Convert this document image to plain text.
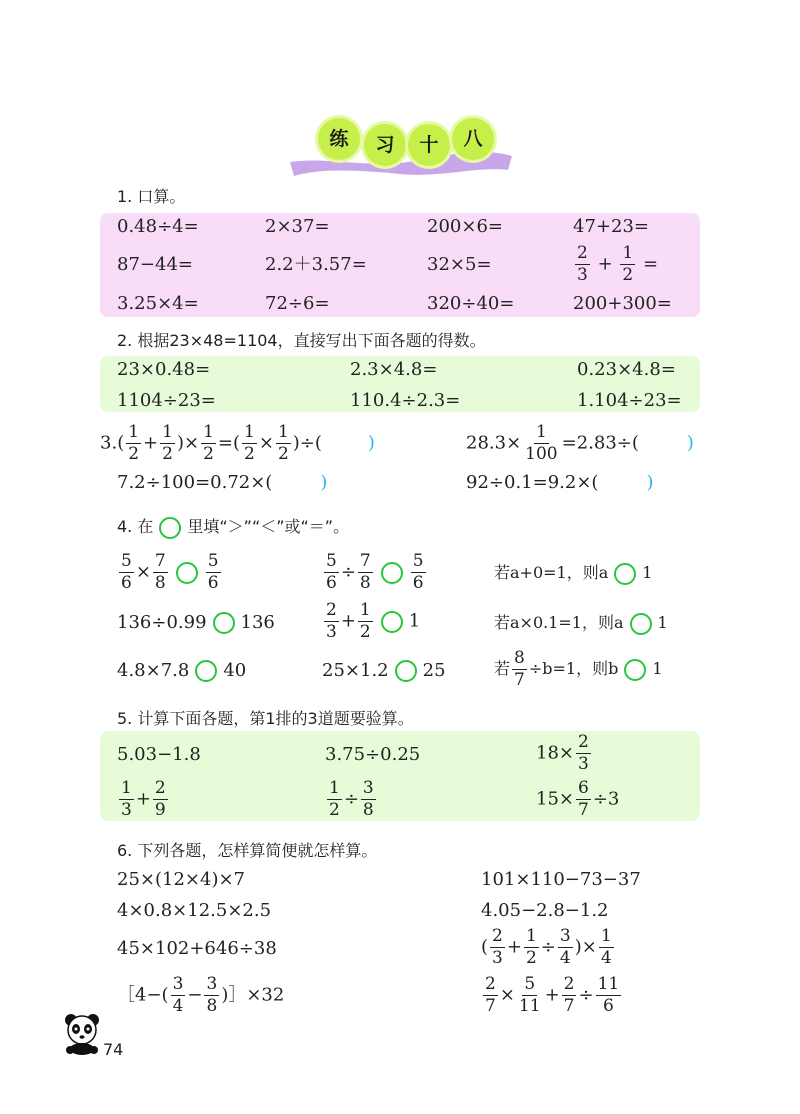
练	习	十	八
1. 口算。
0.48÷4=	2×37=	200×6=	47+23=
87−44=	2.2＋3.57=	32×5=	$\frac{2}{3} + \frac{1}{2}$ =
3.25×4=	72÷6=	320÷40=	200+300=
2. 根据23×48=1104，直接写出下面各题的得数。
23×0.48=	2.3×4.8=	0.23×4.8=
1104÷23=	110.4÷2.3=	1.104÷23=
$3.( \frac{1}{2} + \frac{1}{2}$ )× $\frac{1}{2}$ =( $\frac{1}{2} \times \frac{1}{2}$ )÷(	)	$28.3\times \frac{1}{100} =2.83\div$(	)
7.2÷100=0.72×(	)	92÷0.1=9.2×(	)
4. 在 里填“＞”“＜”或“＝”。
$\frac{5}{6} \times \frac{7}{8} \frac{5}{6}$	$\frac{5}{6} \div \frac{7}{8} \frac{5}{6}$	若a+0=1，则a 1
136÷0.99 136	$\frac{2}{3} + \frac{1}{2} 1$	若a×0.1=1，则a 1
4.8×7.8 40	25×1.2 25	若 $\frac{8}{7} \div b=1$，则b 1
5. 计算下面各题，第1排的3道题要验算。
5.03−1.8	3.75÷0.25	$18\times \frac{2}{3}$
$\frac{1}{3} + \frac{2}{9}$	$\frac{1}{2} \div \frac{3}{8}$	$15\times \frac{6}{7} \div 3$
6. 下列各题，怎样算简便就怎样算。
25×(12×4)×7	101×110−73−37
4×0.8×12.5×2.5	4.05−2.8−1.2
45×102+646÷38	( $\frac{2}{3} + \frac{1}{2} \div \frac{3}{4}$ )× $\frac{1}{4}$
［4−( $\frac{3}{4} - \frac{3}{8}$ )］×32	$\frac{2}{7} \times \frac{5}{11} + \frac{2}{7} \div \frac{11}{6}$
74
